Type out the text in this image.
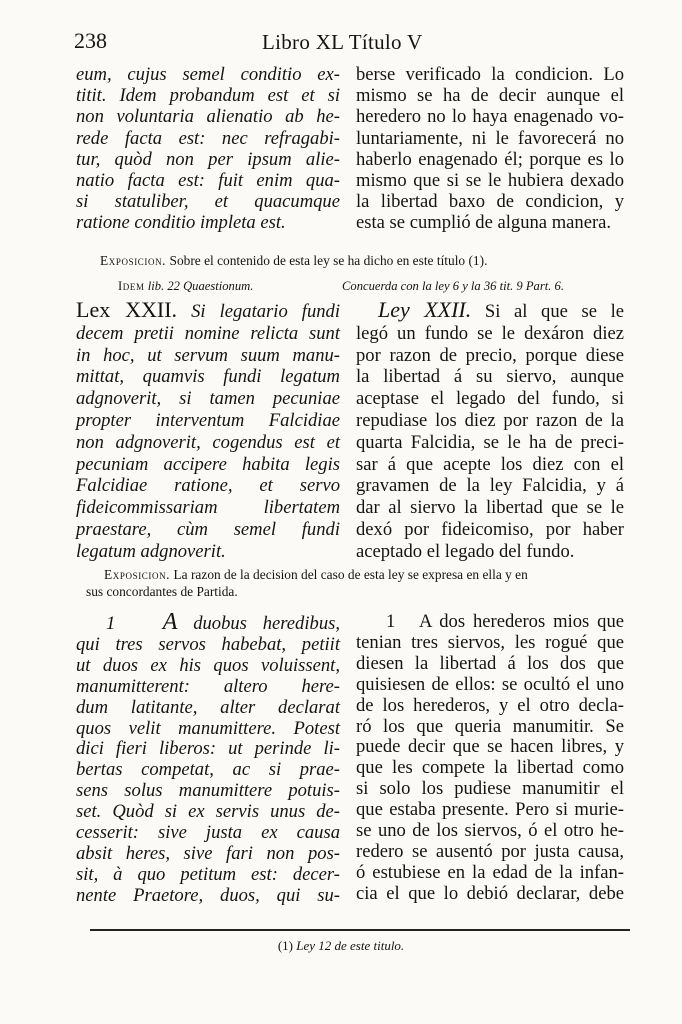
238	Libro XL Título V
eum, cujus semel conditio ex-
titit. Idem probandum est et si
non voluntaria alienatio ab he-
rede facta est: nec refragabi-
tur, quòd non per ipsum alie-
natio facta est: fuit enim qua-
si statuliber, et quacumque
ratione conditio impleta est.
berse verificado la condicion. Lo
mismo se ha de decir aunque el
heredero no lo haya enagenado vo-
luntariamente, ni le favorecerá no
haberlo enagenado él; porque es lo
mismo que si se le hubiera dexado
la libertad baxo de condicion, y
esta se cumplió de alguna manera.
Exposicion. Sobre el contenido de esta ley se ha dicho en este título (1).
Idem lib. 22 Quaestionum.	Concuerda con la ley 6 y la 36 tit. 9 Part. 6.
Lex XXII. Si legatario fundi
decem pretii nomine relicta sunt
in hoc, ut servum suum manu-
mittat, quamvis fundi legatum
adgnoverit, si tamen pecuniae
propter interventum Falcidiae
non adgnoverit, cogendus est et
pecuniam accipere habita legis
Falcidiae ratione, et servo
fideicommissariam libertatem
praestare, cùm semel fundi
legatum adgnoverit.
Ley XXII. Si al que se le
legó un fundo se le dexáron diez
por razon de precio, porque diese
la libertad á su siervo, aunque
aceptase el legado del fundo, si
repudiase los diez por razon de la
quarta Falcidia, se le ha de preci-
sar á que acepte los diez con el
gravamen de la ley Falcidia, y á
dar al siervo la libertad que se le
dexó por fideicomiso, por haber
aceptado el legado del fundo.
Exposicion. La razon de la decision del caso de esta ley se expresa en ella y en
sus concordantes de Partida.
1 A duobus heredibus,
qui tres servos habebat, petiit
ut duos ex his quos voluissent,
manumitterent: altero here-
dum latitante, alter declarat
quos velit manumittere. Potest
dici fieri liberos: ut perinde li-
bertas competat, ac si prae-
sens solus manumittere potuis-
set. Quòd si ex servis unus de-
cesserit: sive justa ex causa
absit heres, sive fari non pos-
sit, à quo petitum est: decer-
nente Praetore, duos, qui su-
1 A dos herederos mios que
tenian tres siervos, les rogué que
diesen la libertad á los dos que
quisiesen de ellos: se ocultó el uno
de los herederos, y el otro decla-
ró los que queria manumitir. Se
puede decir que se hacen libres, y
que les compete la libertad como
si solo los pudiese manumitir el
que estaba presente. Pero si murie-
se uno de los siervos, ó el otro he-
redero se ausentó por justa causa,
ó estubiese en la edad de la infan-
cia el que lo debió declarar, debe
(1) Ley 12 de este titulo.
